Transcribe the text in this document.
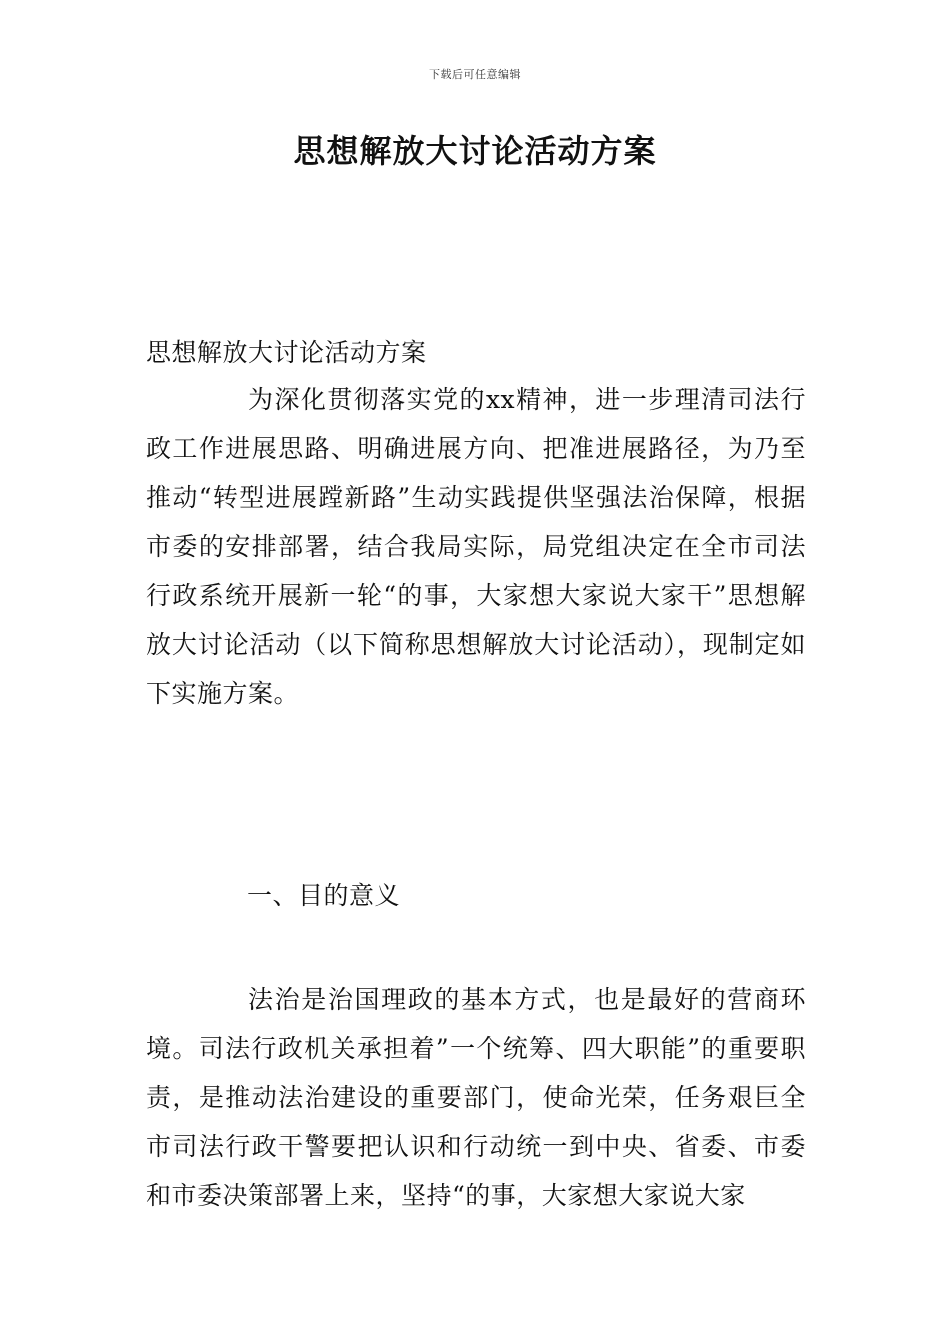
下载后可任意编辑
思想解放大讨论活动方案
思想解放大讨论活动方案
为深化贯彻落实党的xx精神，进一步理清司法行政工作进展思路、明确进展方向、把准进展路径，为乃至推动“转型进展蹚新路”生动实践提供坚强法治保障，根据市委的安排部署，结合我局实际，局党组决定在全市司法行政系统开展新一轮“的事，大家想大家说大家干”思想解放大讨论活动（以下简称思想解放大讨论活动），现制定如下实施方案。
一、目的意义
法治是治国理政的基本方式，也是最好的营商环境。司法行政机关承担着”一个统筹、四大职能”的重要职责，是推动法治建设的重要部门，使命光荣，任务艰巨全市司法行政干警要把认识和行动统一到中央、省委、市委和市委决策部署上来，坚持“的事，大家想大家说大家
